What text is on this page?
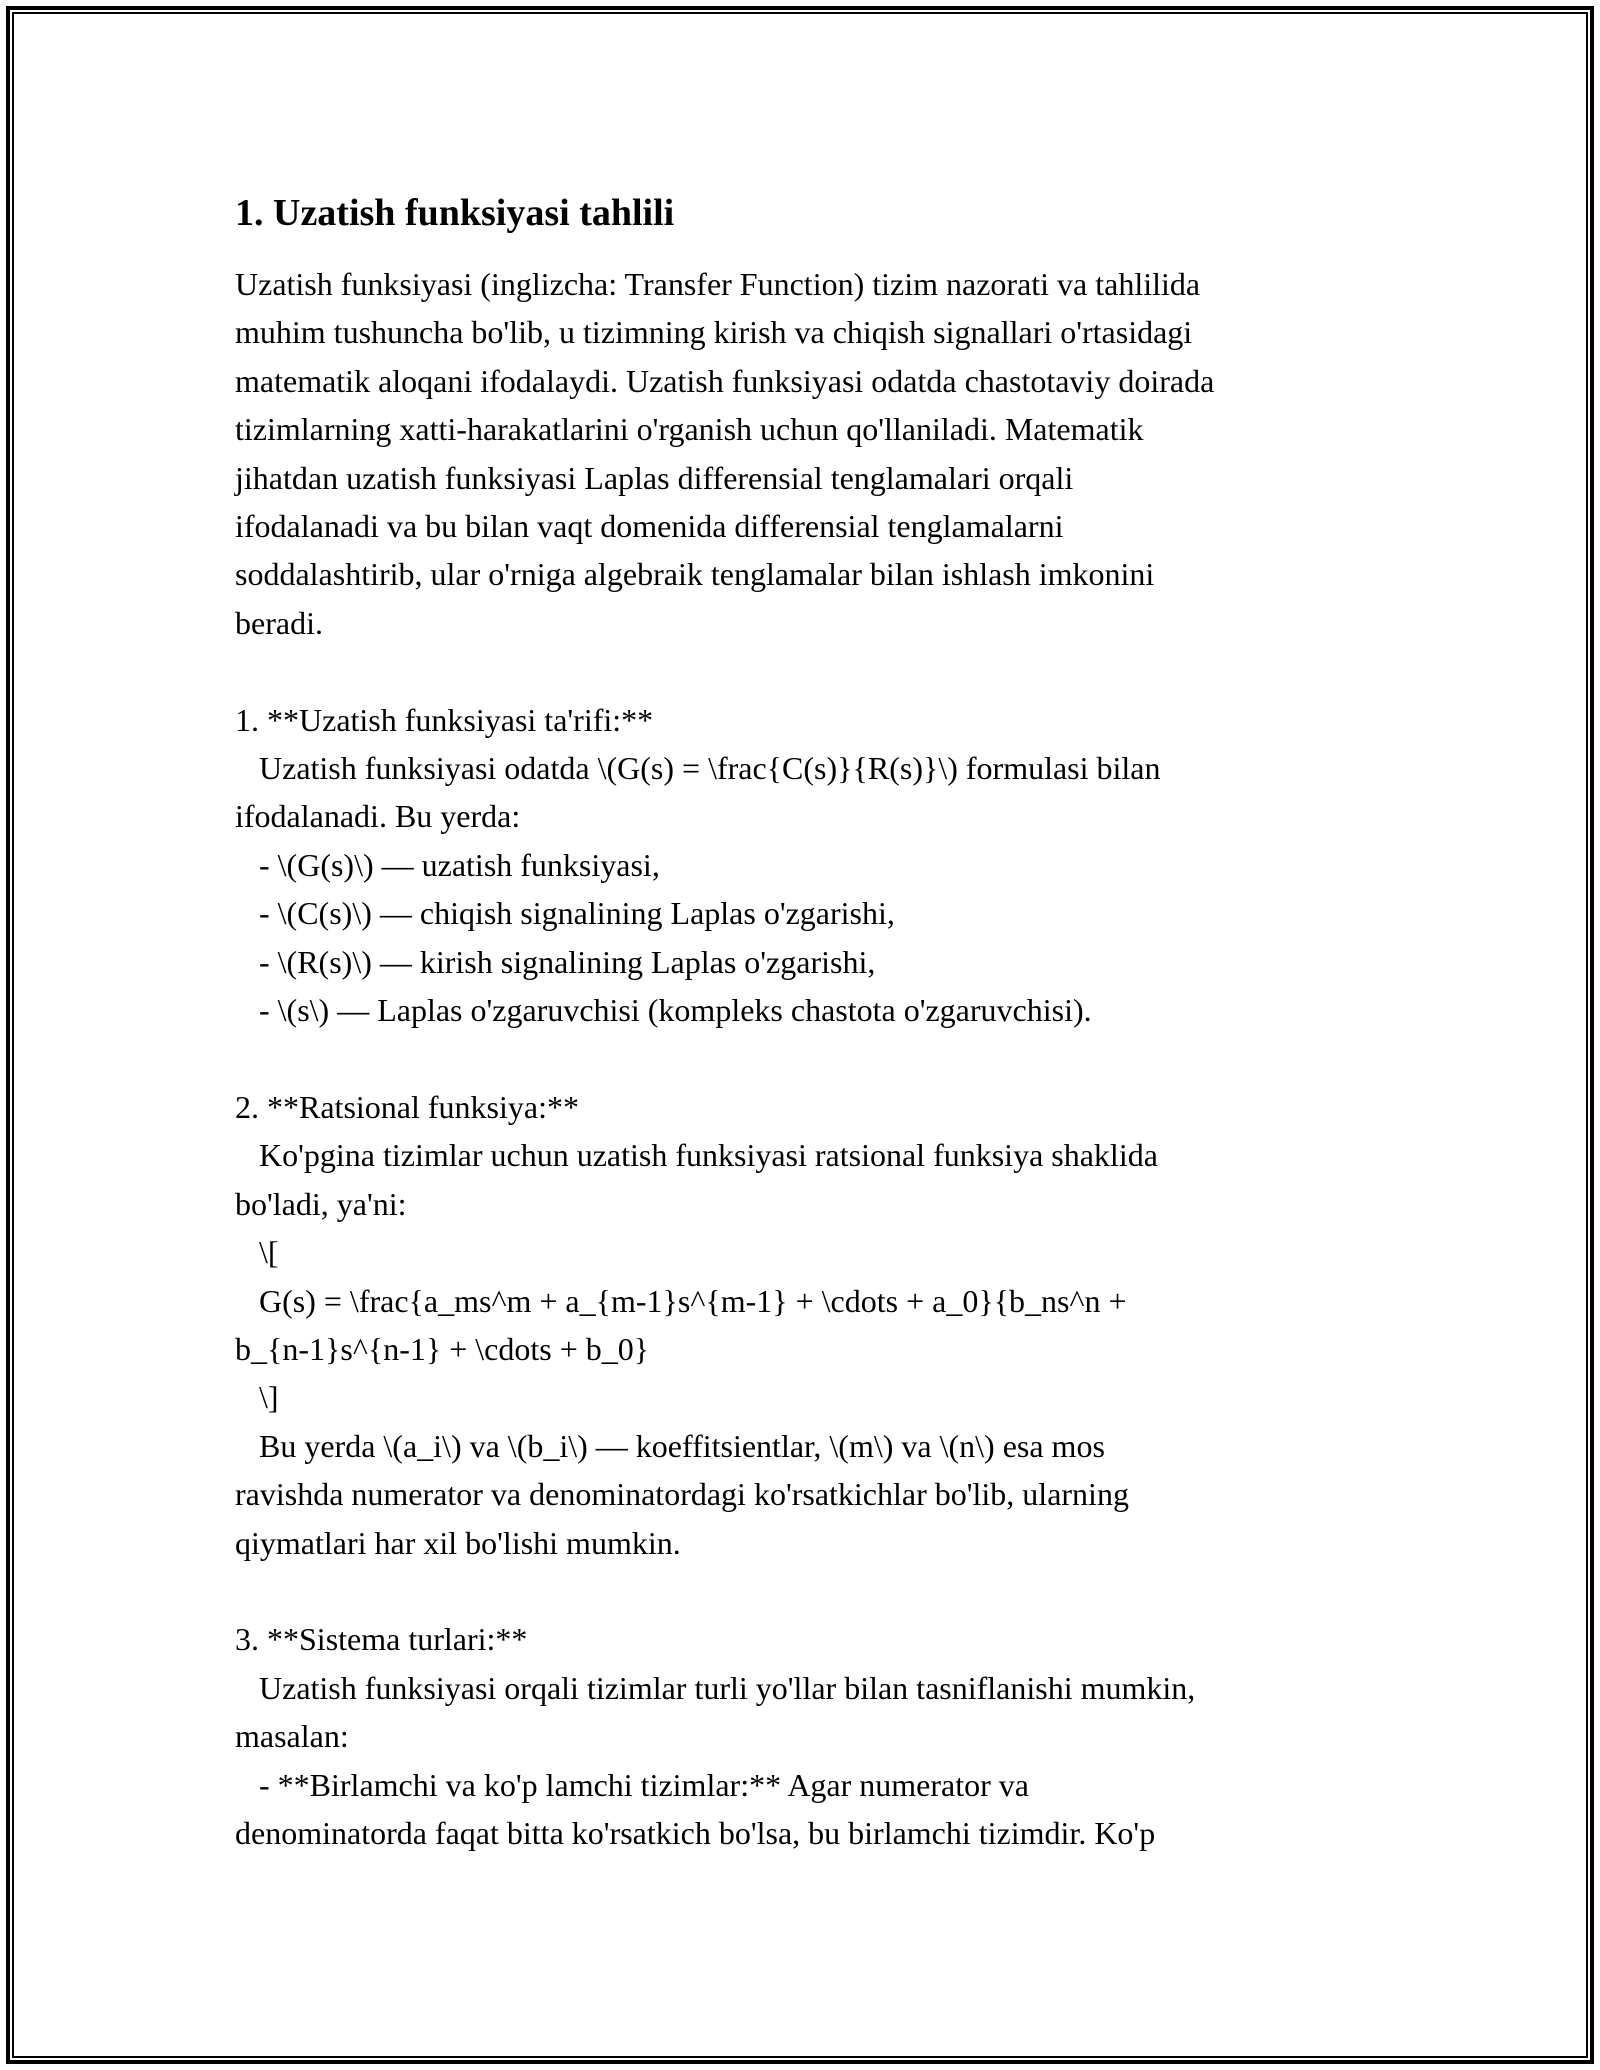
1. Uzatish funksiyasi tahlili
Uzatish funksiyasi (inglizcha: Transfer Function) tizim nazorati va tahlilida
muhim tushuncha bo'lib, u tizimning kirish va chiqish signallari o'rtasidagi
matematik aloqani ifodalaydi. Uzatish funksiyasi odatda chastotaviy doirada
tizimlarning xatti-harakatlarini o'rganish uchun qo'llaniladi. Matematik
jihatdan uzatish funksiyasi Laplas differensial tenglamalari orqali
ifodalanadi va bu bilan vaqt domenida differensial tenglamalarni
soddalashtirib, ular o'rniga algebraik tenglamalar bilan ishlash imkonini
beradi.

1. **Uzatish funksiyasi ta'rifi:**
Uzatish funksiyasi odatda \(G(s) = \frac{C(s)}{R(s)}\) formulasi bilan
ifodalanadi. Bu yerda:
- \(G(s)\) — uzatish funksiyasi,
- \(C(s)\) — chiqish signalining Laplas o'zgarishi,
- \(R(s)\) — kirish signalining Laplas o'zgarishi,
- \(s\) — Laplas o'zgaruvchisi (kompleks chastota o'zgaruvchisi).

2. **Ratsional funksiya:**
Ko'pgina tizimlar uchun uzatish funksiyasi ratsional funksiya shaklida
bo'ladi, ya'ni:
\[
G(s) = \frac{a_ms^m + a_{m-1}s^{m-1} + \cdots + a_0}{b_ns^n +
b_{n-1}s^{n-1} + \cdots + b_0}
\]
Bu yerda \(a_i\) va \(b_i\) — koeffitsientlar, \(m\) va \(n\) esa mos
ravishda numerator va denominatordagi ko'rsatkichlar bo'lib, ularning
qiymatlari har xil bo'lishi mumkin.

3. **Sistema turlari:**
Uzatish funksiyasi orqali tizimlar turli yo'llar bilan tasniflanishi mumkin,
masalan:
- **Birlamchi va ko'p lamchi tizimlar:** Agar numerator va
denominatorda faqat bitta ko'rsatkich bo'lsa, bu birlamchi tizimdir. Ko'p
